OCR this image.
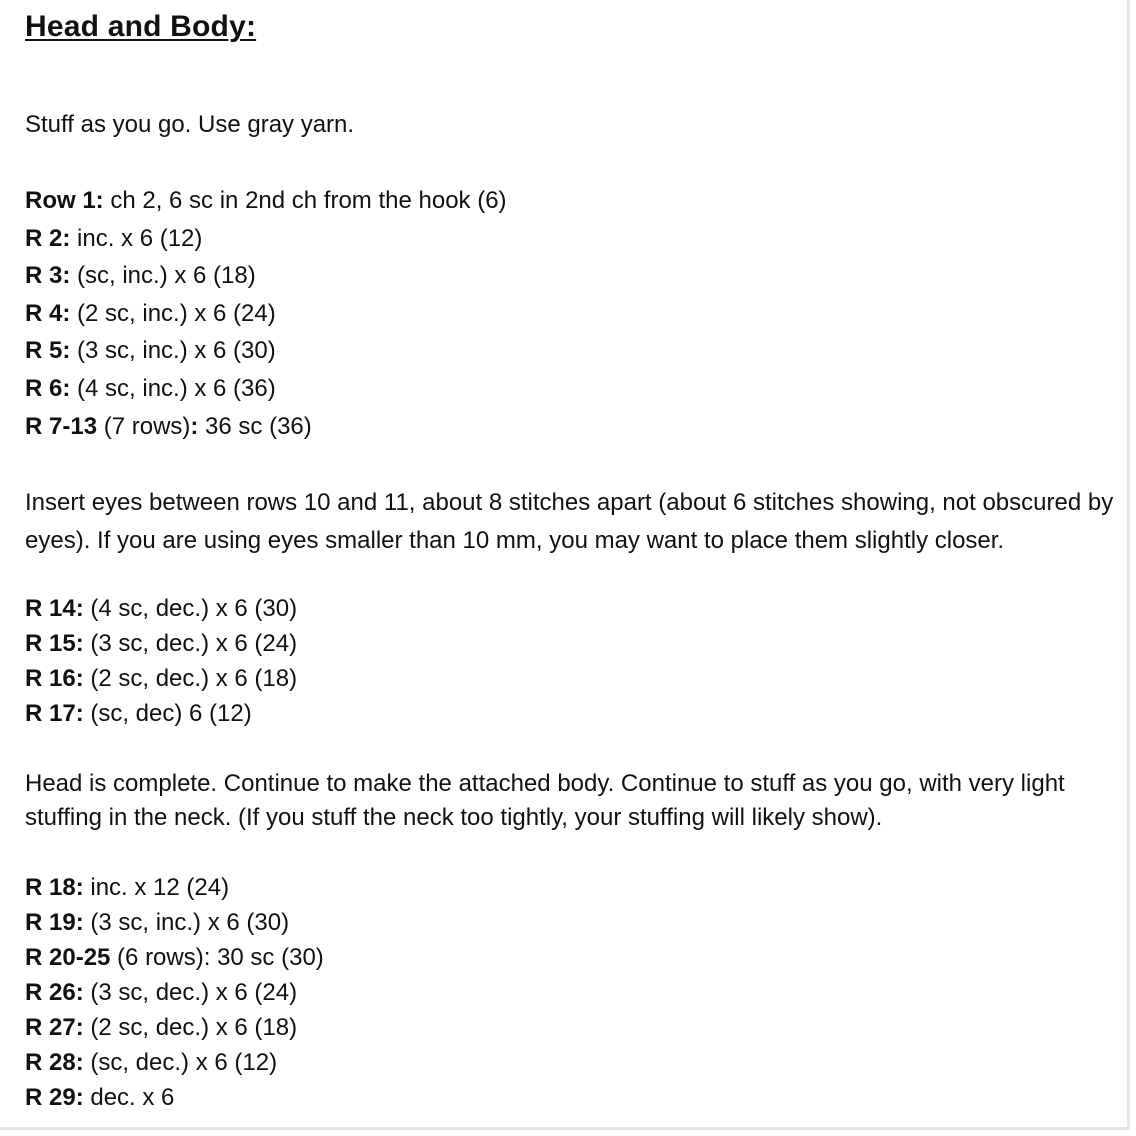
Head and Body:
Stuff as you go. Use gray yarn.
Row 1: ch 2, 6 sc in 2nd ch from the hook (6)
R 2: inc. x 6 (12)
R 3: (sc, inc.) x 6 (18)
R 4: (2 sc, inc.) x 6 (24)
R 5: (3 sc, inc.) x 6 (30)
R 6: (4 sc, inc.) x 6 (36)
R 7-13 (7 rows): 36 sc (36)

Insert eyes between rows 10 and 11, about 8 stitches apart (about 6 stitches showing, not obscured by eyes). If you are using eyes smaller than 10 mm, you may want to place them slightly closer.

R 14: (4 sc, dec.) x 6 (30)
R 15: (3 sc, dec.) x 6 (24)
R 16: (2 sc, dec.) x 6 (18)
R 17: (sc, dec) 6 (12)

Head is complete. Continue to make the attached body. Continue to stuff as you go, with very light stuffing in the neck. (If you stuff the neck too tightly, your stuffing will likely show).

R 18: inc. x 12 (24)
R 19: (3 sc, inc.) x 6 (30)
R 20-25 (6 rows): 30 sc (30)
R 26: (3 sc, dec.) x 6 (24)
R 27: (2 sc, dec.) x 6 (18)
R 28: (sc, dec.) x 6 (12)
R 29: dec. x 6
